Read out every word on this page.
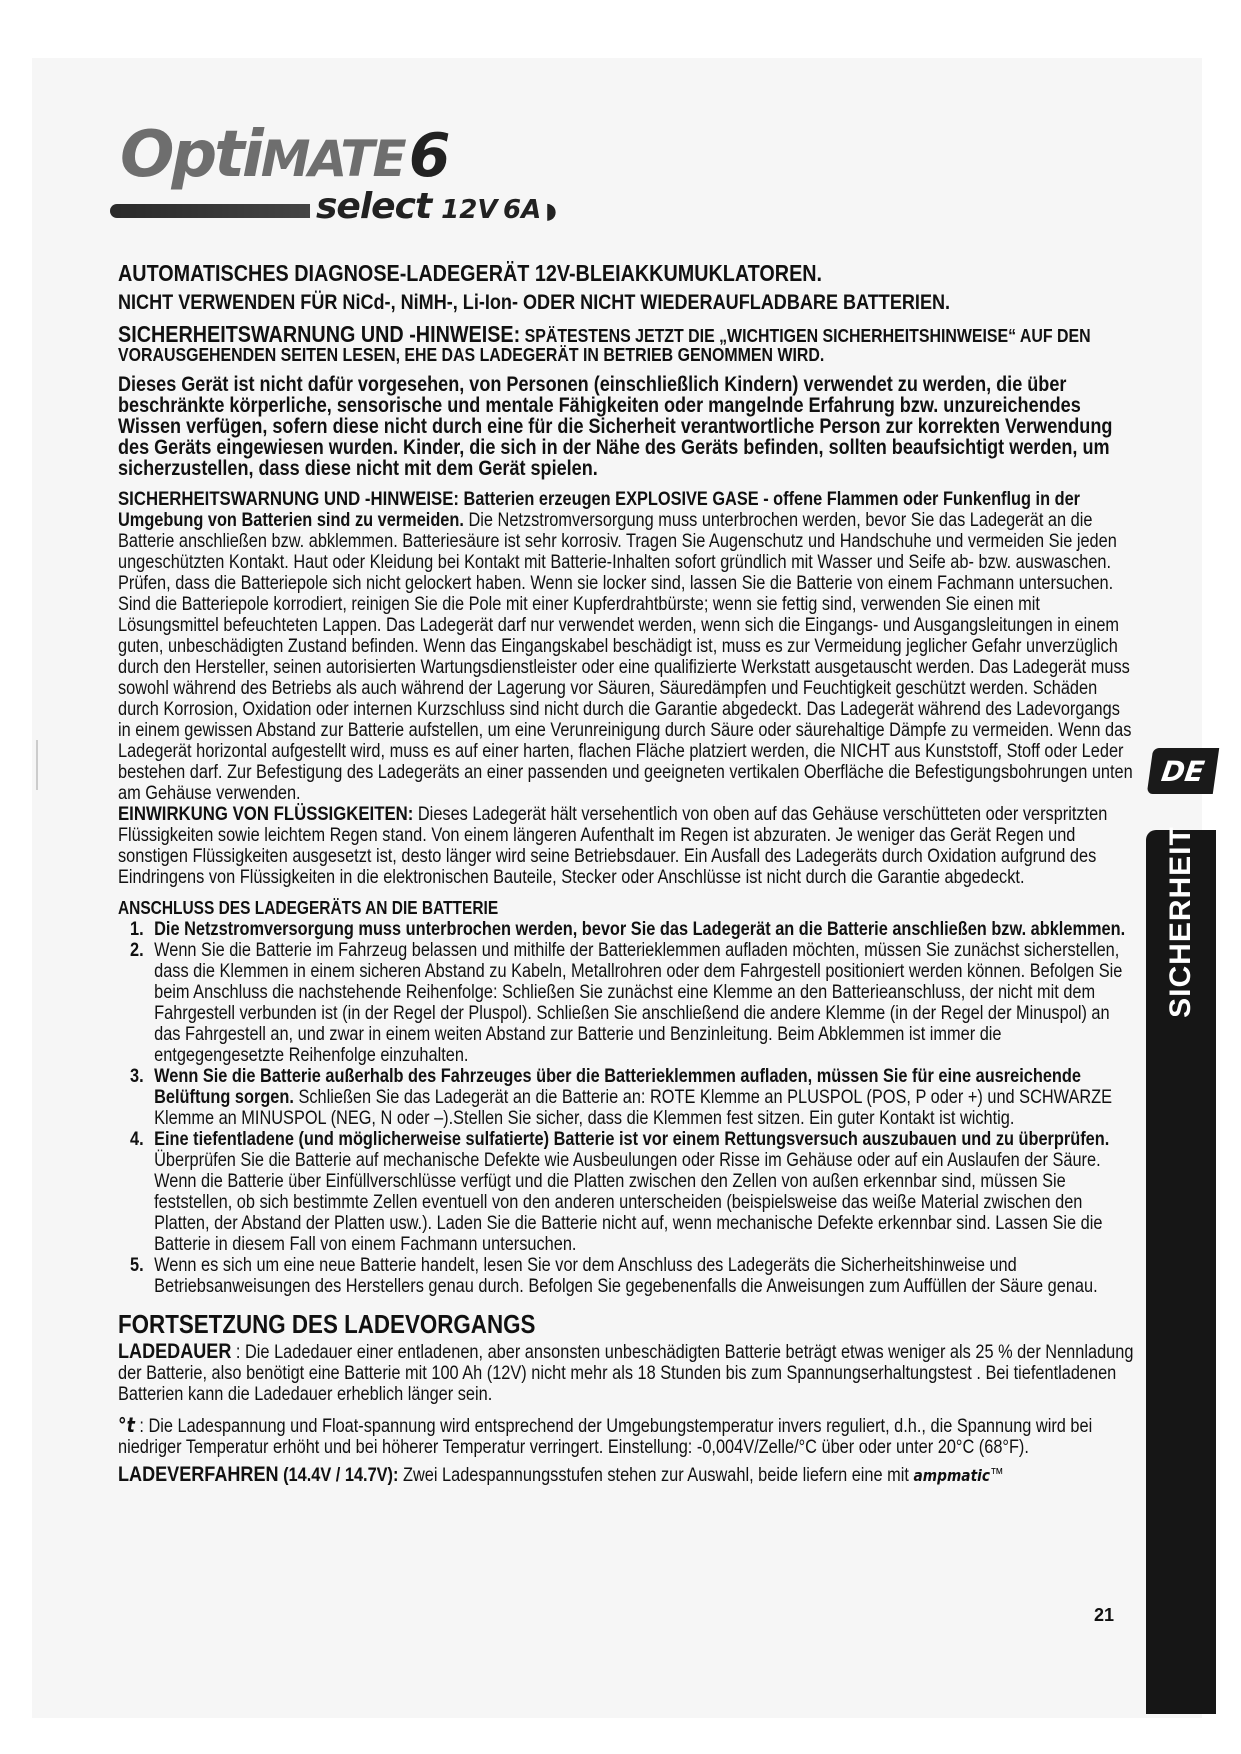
OptiMATE6
select 12V 6A ◗
AUTOMATISCHES DIAGNOSE-LADEGERÄT 12V-BLEIAKKUMUKLATOREN.

NICHT VERWENDEN FÜR NiCd-, NiMH-, Li-Ion- ODER NICHT WIEDERAUFLADBARE BATTERIEN.

SICHERHEITSWARNUNG UND -HINWEISE: SPÄTESTENS JETZT DIE „WICHTIGEN SICHERHEITSHINWEISE“ AUF DEN VORAUSGEHENDEN SEITEN LESEN, EHE DAS LADEGERÄT IN BETRIEB GENOMMEN WIRD.

Dieses Gerät ist nicht dafür vorgesehen, von Personen (einschließlich Kindern) verwendet zu werden, die über beschränkte körperliche, sensorische und mentale Fähigkeiten oder mangelnde Erfahrung bzw. unzureichendes Wissen verfügen, sofern diese nicht durch eine für die Sicherheit verantwortliche Person zur korrekten Verwendung des Geräts eingewiesen wurden. Kinder, die sich in der Nähe des Geräts befinden, sollten beaufsichtigt werden, um sicherzustellen, dass diese nicht mit dem Gerät spielen.

SICHERHEITSWARNUNG UND -HINWEISE: Batterien erzeugen EXPLOSIVE GASE - offene Flammen oder Funkenflug in der Umgebung von Batterien sind zu vermeiden. Die Netzstromversorgung muss unterbrochen werden, bevor Sie das Ladegerät an die Batterie anschließen bzw. abklemmen. Batteriesäure ist sehr korrosiv. Tragen Sie Augenschutz und Handschuhe und vermeiden Sie jeden ungeschützten Kontakt. Haut oder Kleidung bei Kontakt mit Batterie-Inhalten sofort gründlich mit Wasser und Seife ab- bzw. auswaschen. Prüfen, dass die Batteriepole sich nicht gelockert haben. Wenn sie locker sind, lassen Sie die Batterie von einem Fachmann untersuchen. Sind die Batteriepole korrodiert, reinigen Sie die Pole mit einer Kupferdrahtbürste; wenn sie fettig sind, verwenden Sie einen mit Lösungsmittel befeuchteten Lappen. Das Ladegerät darf nur verwendet werden, wenn sich die Eingangs- und Ausgangsleitungen in einem guten, unbeschädigten Zustand befinden. Wenn das Eingangskabel beschädigt ist, muss es zur Vermeidung jeglicher Gefahr unverzüglich durch den Hersteller, seinen autorisierten Wartungsdienstleister oder eine qualifizierte Werkstatt ausgetauscht werden. Das Ladegerät muss sowohl während des Betriebs als auch während der Lagerung vor Säuren, Säuredämpfen und Feuchtigkeit geschützt werden. Schäden durch Korrosion, Oxidation oder internen Kurzschluss sind nicht durch die Garantie abgedeckt. Das Ladegerät während des Ladevorgangs in einem gewissen Abstand zur Batterie aufstellen, um eine Verunreinigung durch Säure oder säurehaltige Dämpfe zu vermeiden. Wenn das Ladegerät horizontal aufgestellt wird, muss es auf einer harten, flachen Fläche platziert werden, die NICHT aus Kunststoff, Stoff oder Leder bestehen darf. Zur Befestigung des Ladegeräts an einer passenden und geeigneten vertikalen Oberfläche die Befestigungsbohrungen unten am Gehäuse verwenden.

EINWIRKUNG VON FLÜSSIGKEITEN: Dieses Ladegerät hält versehentlich von oben auf das Gehäuse verschütteten oder verspritzten Flüssigkeiten sowie leichtem Regen stand. Von einem längeren Aufenthalt im Regen ist abzuraten. Je weniger das Gerät Regen und sonstigen Flüssigkeiten ausgesetzt ist, desto länger wird seine Betriebsdauer. Ein Ausfall des Ladegeräts durch Oxidation aufgrund des Eindringens von Flüssigkeiten in die elektronischen Bauteile, Stecker oder Anschlüsse ist nicht durch die Garantie abgedeckt.

ANSCHLUSS DES LADEGERÄTS AN DIE BATTERIE

1. Die Netzstromversorgung muss unterbrochen werden, bevor Sie das Ladegerät an die Batterie anschließen bzw. abklemmen.
2. Wenn Sie die Batterie im Fahrzeug belassen und mithilfe der Batterieklemmen aufladen möchten, müssen Sie zunächst sicherstellen, dass die Klemmen in einem sicheren Abstand zu Kabeln, Metallrohren oder dem Fahrgestell positioniert werden können. Befolgen Sie beim Anschluss die nachstehende Reihenfolge: Schließen Sie zunächst eine Klemme an den Batterieanschluss, der nicht mit dem Fahrgestell verbunden ist (in der Regel der Pluspol). Schließen Sie anschließend die andere Klemme (in der Regel der Minuspol) an das Fahrgestell an, und zwar in einem weiten Abstand zur Batterie und Benzinleitung. Beim Abklemmen ist immer die entgegengesetzte Reihenfolge einzuhalten.
3. Wenn Sie die Batterie außerhalb des Fahrzeuges über die Batterieklemmen aufladen, müssen Sie für eine ausreichende Belüftung sorgen. Schließen Sie das Ladegerät an die Batterie an: ROTE Klemme an PLUSPOL (POS, P oder +) und SCHWARZE Klemme an MINUSPOL (NEG, N oder –).Stellen Sie sicher, dass die Klemmen fest sitzen. Ein guter Kontakt ist wichtig.
4. Eine tiefentladene (und möglicherweise sulfatierte) Batterie ist vor einem Rettungsversuch auszubauen und zu überprüfen. Überprüfen Sie die Batterie auf mechanische Defekte wie Ausbeulungen oder Risse im Gehäuse oder auf ein Auslaufen der Säure. Wenn die Batterie über Einfüllverschlüsse verfügt und die Platten zwischen den Zellen von außen erkennbar sind, müssen Sie feststellen, ob sich bestimmte Zellen eventuell von den anderen unterscheiden (beispielsweise das weiße Material zwischen den Platten, der Abstand der Platten usw.). Laden Sie die Batterie nicht auf, wenn mechanische Defekte erkennbar sind. Lassen Sie die Batterie in diesem Fall von einem Fachmann untersuchen.
5. Wenn es sich um eine neue Batterie handelt, lesen Sie vor dem Anschluss des Ladegeräts die Sicherheitshinweise und Betriebsanweisungen des Herstellers genau durch. Befolgen Sie gegebenenfalls die Anweisungen zum Auffüllen der Säure genau.

FORTSETZUNG DES LADEVORGANGS

LADEDAUER : Die Ladedauer einer entladenen, aber ansonsten unbeschädigten Batterie beträgt etwas weniger als 25 % der Nennladung der Batterie, also benötigt eine Batterie mit 100 Ah (12V) nicht mehr als 18 Stunden bis zum Spannungserhaltungstest . Bei tiefentladenen Batterien kann die Ladedauer erheblich länger sein.

°t : Die Ladespannung und Float-spannung wird entsprechend der Umgebungstemperatur invers reguliert, d.h., die Spannung wird bei niedriger Temperatur erhöht und bei höherer Temperatur verringert. Einstellung: -0,004V/Zelle/°C über oder unter 20°C (68°F).

LADEVERFAHREN (14.4V / 14.7V): Zwei Ladespannungsstufen stehen zur Auswahl, beide liefern eine mit ampmatic™

DE
SICHERHEIT
21
